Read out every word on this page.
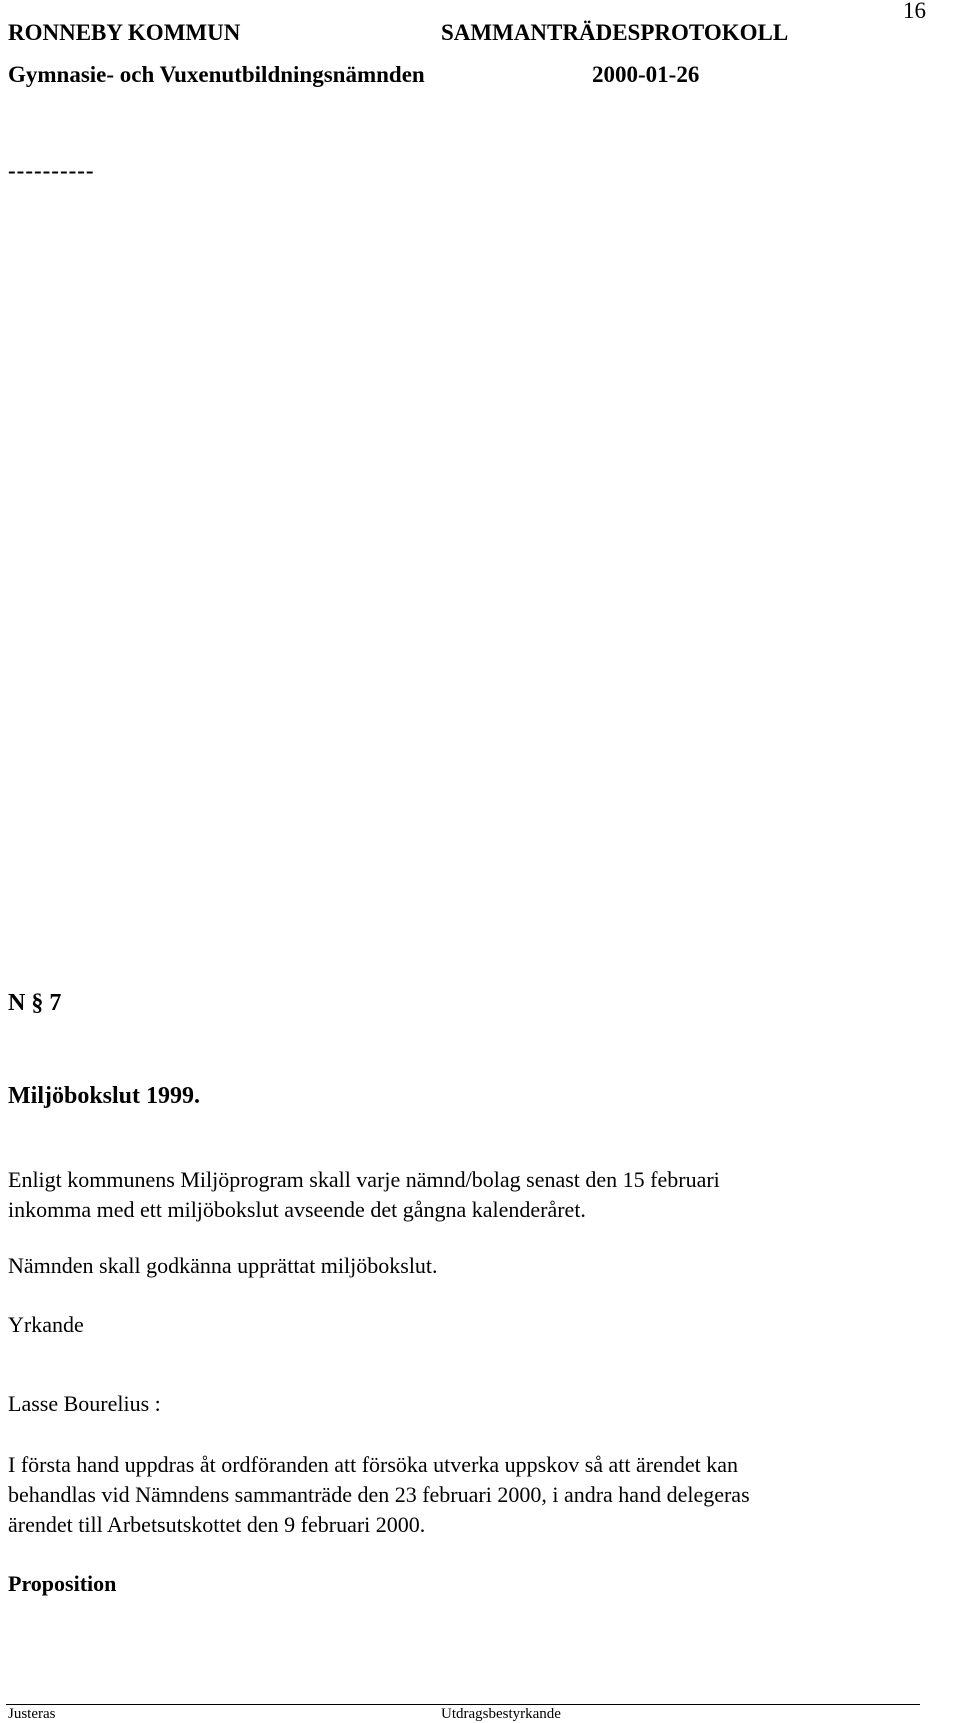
16
RONNEBY KOMMUN	SAMMANTRÄDESPROTOKOLL
Gymnasie- och Vuxenutbildningsnämnden	2000-01-26
----------
N § 7
Miljöbokslut 1999.
Enligt kommunens Miljöprogram skall varje nämnd/bolag senast den 15 februari
inkomma med ett miljöbokslut avseende det gångna kalenderåret.
Nämnden skall godkänna upprättat miljöbokslut.
Yrkande
Lasse Bourelius :
I första hand uppdras åt ordföranden att försöka utverka uppskov så att ärendet kan
behandlas vid Nämndens sammanträde den 23 februari 2000, i andra hand delegeras
ärendet till Arbetsutskottet den 9 februari 2000.
Proposition
Justeras	Utdragsbestyrkande
